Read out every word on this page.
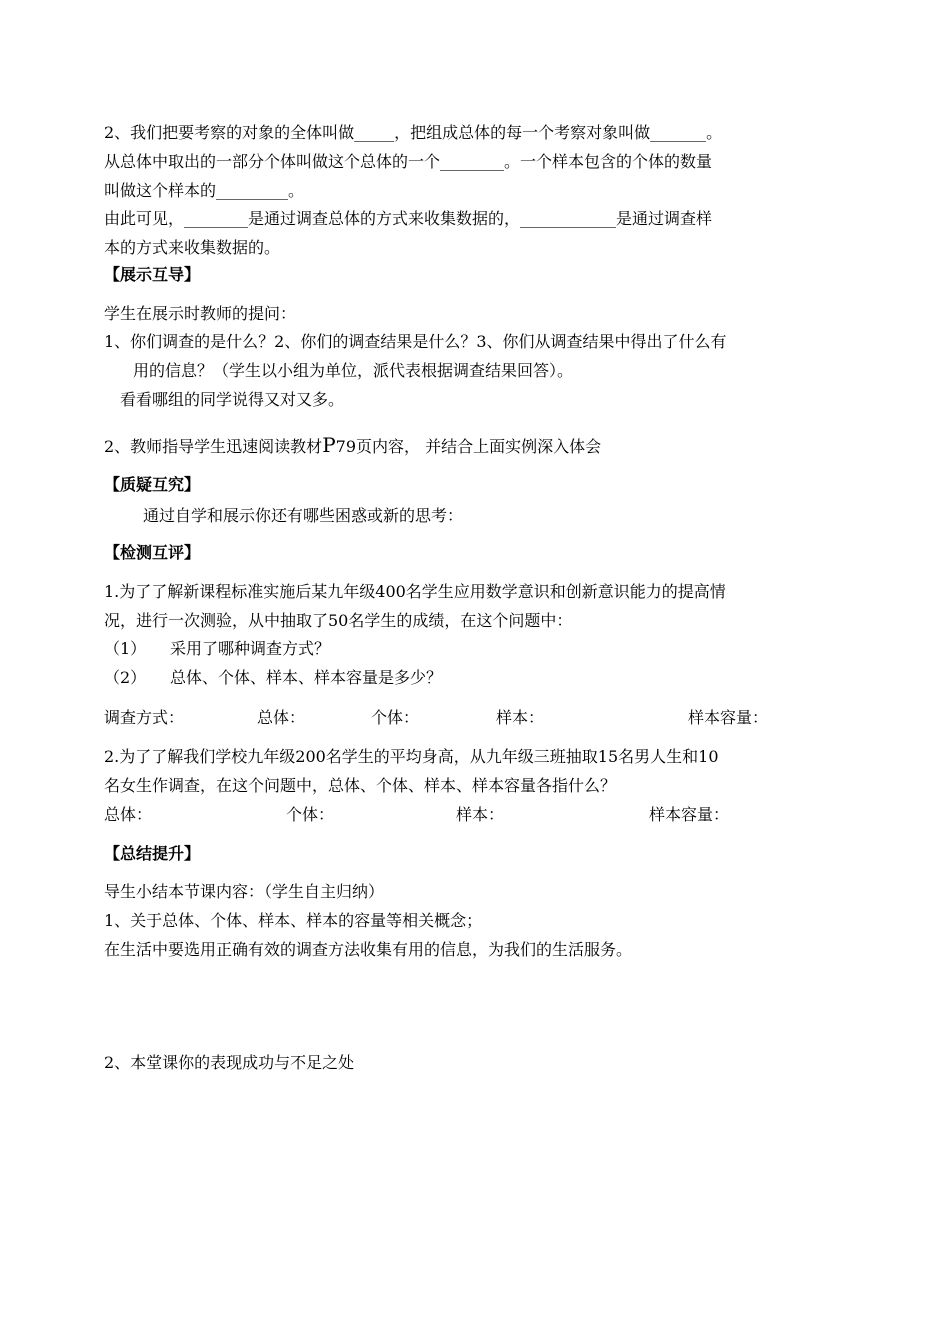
2、我们把要考察的对象的全体叫做_____，把组成总体的每一个考察对象叫做_______。
从总体中取出的一部分个体叫做这个总体的一个________。一个样本包含的个体的数量
叫做这个样本的_________。
由此可见，________是通过调查总体的方式来收集数据的，____________是通过调查样
本的方式来收集数据的。
【展示互导】
学生在展示时教师的提问：
1、你们调查的是什么？2、你们的调查结果是什么？3、你们从调查结果中得出了什么有
用的信息？（学生以小组为单位，派代表根据调查结果回答）。
看看哪组的同学说得又对又多。
2、教师指导学生迅速阅读教材P79页内容， 并结合上面实例深入体会
【质疑互究】
通过自学和展示你还有哪些困惑或新的思考：
【检测互评】
1.为了了解新课程标准实施后某九年级400名学生应用数学意识和创新意识能力的提高情
况，进行一次测验，从中抽取了50名学生的成绩，在这个问题中：
（1） 采用了哪种调查方式？
（2） 总体、个体、样本、样本容量是多少？
调查方式：	总体：	个体：	样本：	样本容量：
2.为了了解我们学校九年级200名学生的平均身高，从九年级三班抽取15名男人生和10
名女生作调查，在这个问题中，总体、个体、样本、样本容量各指什么？
总体：	个体：	样本：	样本容量：
【总结提升】
导生小结本节课内容：（学生自主归纳）
1、关于总体、个体、样本、样本的容量等相关概念；
在生活中要选用正确有效的调查方法收集有用的信息，为我们的生活服务。
2、本堂课你的表现成功与不足之处
